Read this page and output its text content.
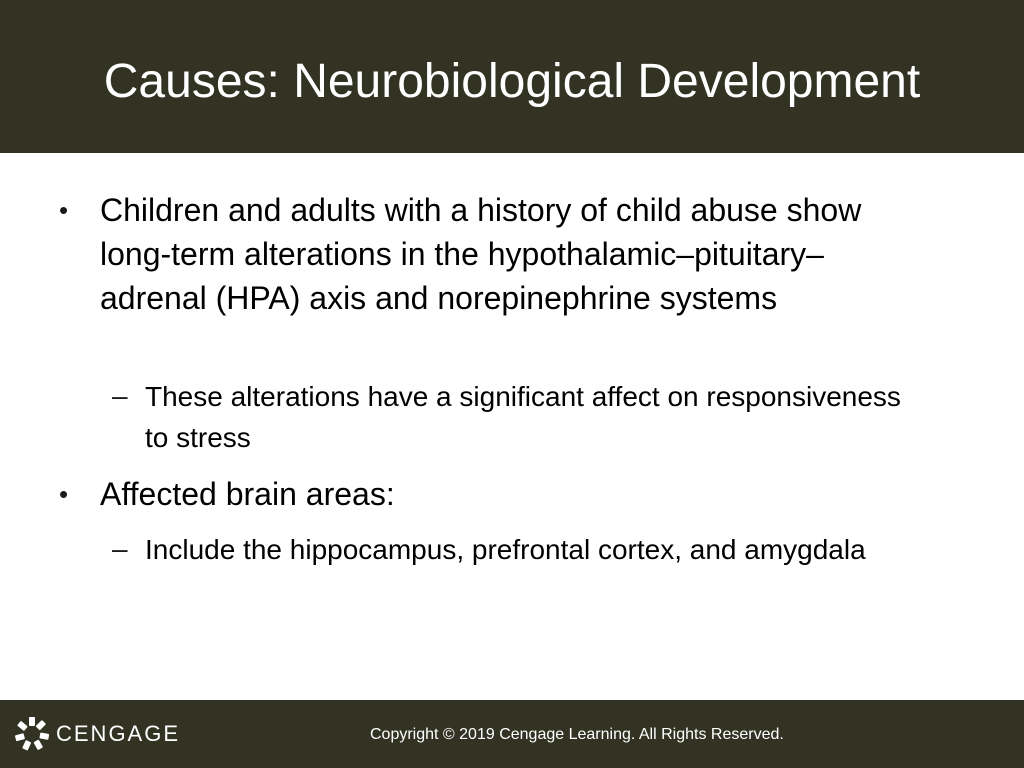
Causes: Neurobiological Development
• Children and adults with a history of child abuse show long-term alterations in the hypothalamic–pituitary–adrenal (HPA) axis and norepinephrine systems
– These alterations have a significant affect on responsiveness to stress
• Affected brain areas:
– Include the hippocampus, prefrontal cortex, and amygdala
CENGAGE	Copyright © 2019 Cengage Learning. All Rights Reserved.
